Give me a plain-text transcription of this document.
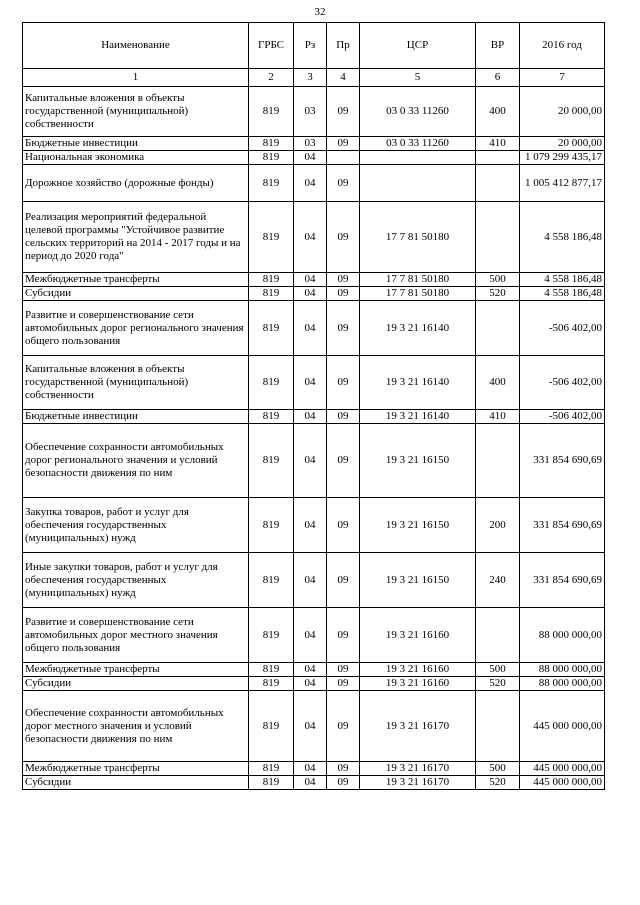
32
Наименование	ГРБС	Рз	Пр	ЦСР	ВР	2016 год
1	2	3	4	5	6	7
Капитальные вложения в объекты государственной (муниципальной) собственности	819	03	09	03 0 33 11260	400	20 000,00
Бюджетные инвестиции	819	03	09	03 0 33 11260	410	20 000,00
Национальная экономика	819	04				1 079 299 435,17
Дорожное хозяйство (дорожные фонды)	819	04	09			1 005 412 877,17
Реализация мероприятий федеральной целевой программы "Устойчивое развитие сельских территорий на 2014 - 2017 годы и на период до 2020 года"	819	04	09	17 7 81 50180		4 558 186,48
Межбюджетные трансферты	819	04	09	17 7 81 50180	500	4 558 186,48
Субсидии	819	04	09	17 7 81 50180	520	4 558 186,48
Развитие и совершенствование сети автомобильных дорог регионального значения общего пользования	819	04	09	19 3 21 16140		-506 402,00
Капитальные вложения в объекты государственной (муниципальной) собственности	819	04	09	19 3 21 16140	400	-506 402,00
Бюджетные инвестиции	819	04	09	19 3 21 16140	410	-506 402,00
Обеспечение сохранности автомобильных дорог регионального значения и условий безопасности движения по ним	819	04	09	19 3 21 16150		331 854 690,69
Закупка товаров, работ и услуг для обеспечения государственных (муниципальных) нужд	819	04	09	19 3 21 16150	200	331 854 690,69
Иные закупки товаров, работ и услуг для обеспечения государственных (муниципальных) нужд	819	04	09	19 3 21 16150	240	331 854 690,69
Развитие и совершенствование сети автомобильных дорог местного значения общего пользования	819	04	09	19 3 21 16160		88 000 000,00
Межбюджетные трансферты	819	04	09	19 3 21 16160	500	88 000 000,00
Субсидии	819	04	09	19 3 21 16160	520	88 000 000,00
Обеспечение сохранности автомобильных дорог местного значения и условий безопасности движения по ним	819	04	09	19 3 21 16170		445 000 000,00
Межбюджетные трансферты	819	04	09	19 3 21 16170	500	445 000 000,00
Субсидии	819	04	09	19 3 21 16170	520	445 000 000,00
